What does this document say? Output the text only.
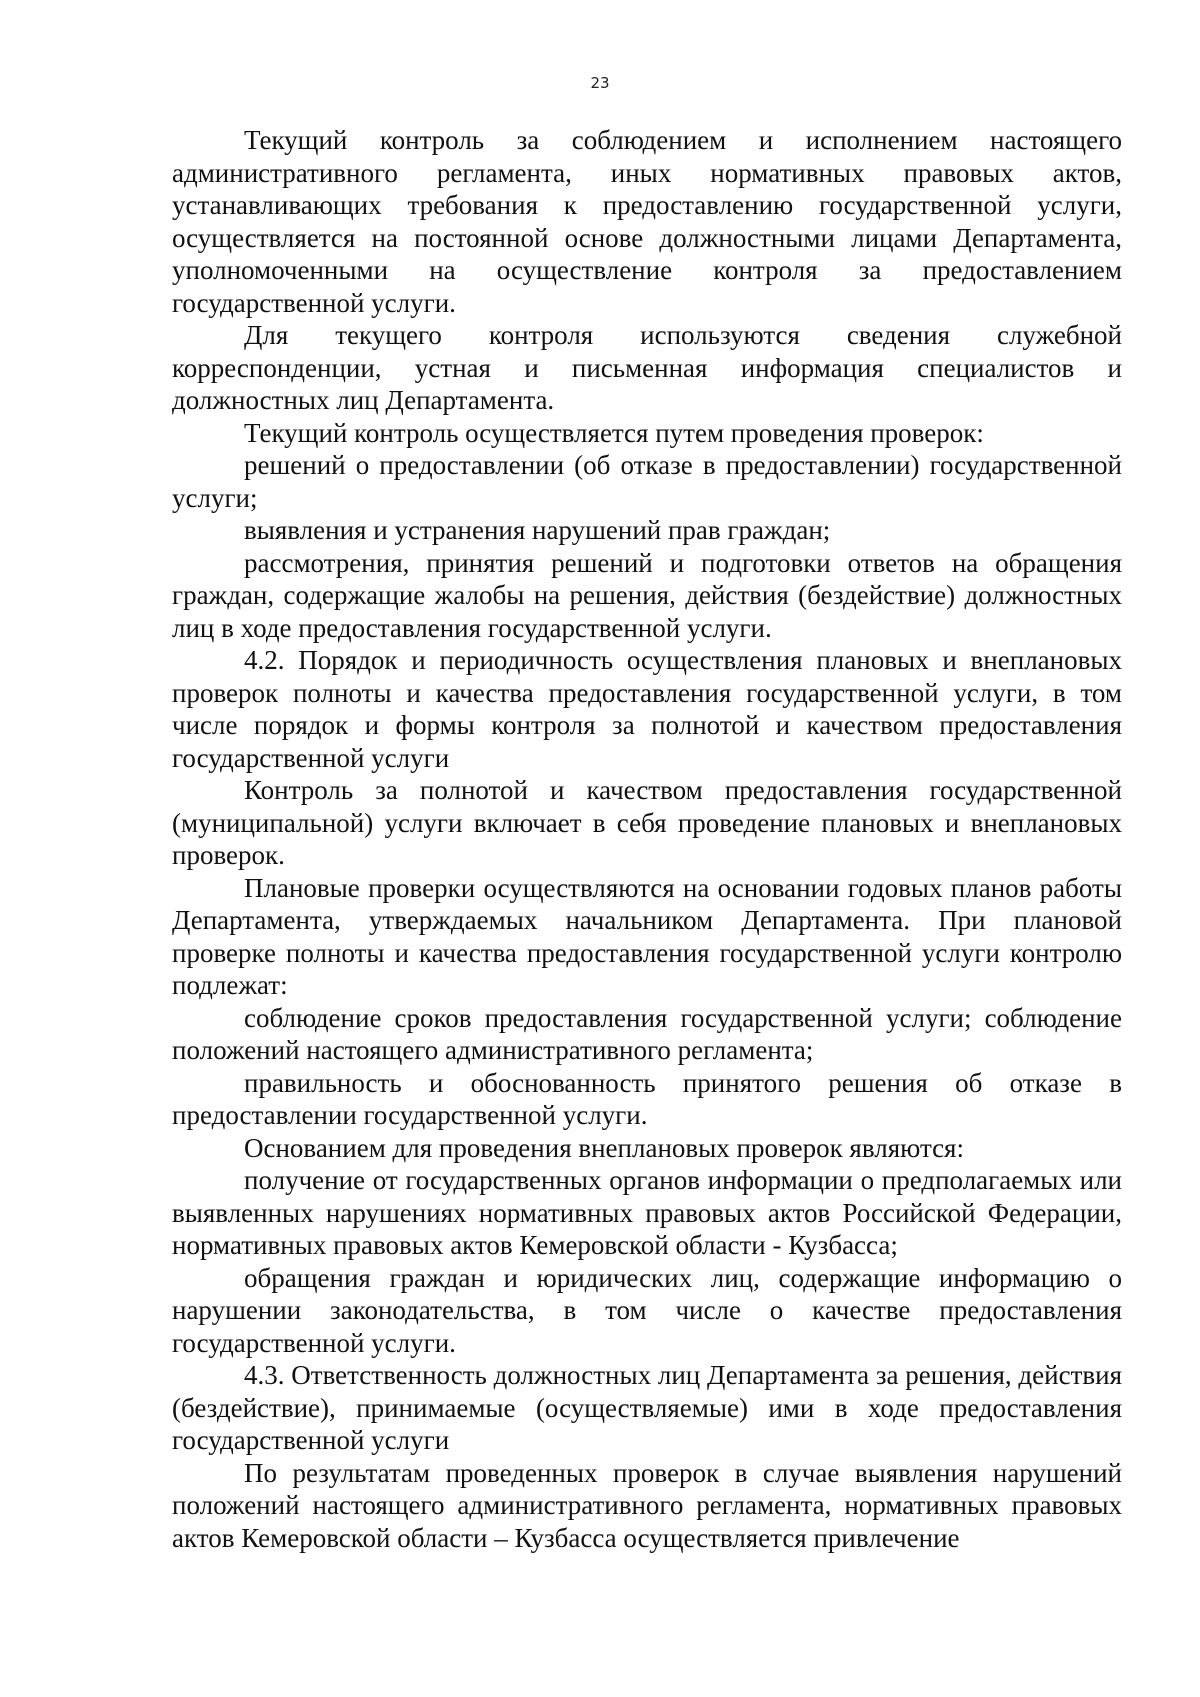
23

Текущий контроль за соблюдением и исполнением настоящего административного регламента, иных нормативных правовых актов, устанавливающих требования к предоставлению государственной услуги, осуществляется на постоянной основе должностными лицами Департамента, уполномоченными на осуществление контроля за предоставлением государственной услуги.

Для текущего контроля используются сведения служебной корреспонденции, устная и письменная информация специалистов и должностных лиц Департамента.

Текущий контроль осуществляется путем проведения проверок:

решений о предоставлении (об отказе в предоставлении) государственной услуги;

выявления и устранения нарушений прав граждан;

рассмотрения, принятия решений и подготовки ответов на обращения граждан, содержащие жалобы на решения, действия (бездействие) должностных лиц в ходе предоставления государственной услуги.

4.2. Порядок и периодичность осуществления плановых и внеплановых проверок полноты и качества предоставления государственной услуги, в том числе порядок и формы контроля за полнотой и качеством предоставления государственной услуги

Контроль за полнотой и качеством предоставления государственной (муниципальной) услуги включает в себя проведение плановых и внеплановых проверок.

Плановые проверки осуществляются на основании годовых планов работы Департамента, утверждаемых начальником Департамента. При плановой проверке полноты и качества предоставления государственной услуги контролю подлежат:

соблюдение сроков предоставления государственной услуги; соблюдение положений настоящего административного регламента;

правильность и обоснованность принятого решения об отказе в предоставлении государственной услуги.

Основанием для проведения внеплановых проверок являются:

получение от государственных органов информации о предполагаемых или выявленных нарушениях нормативных правовых актов Российской Федерации, нормативных правовых актов Кемеровской области - Кузбасса;

обращения граждан и юридических лиц, содержащие информацию о нарушении законодательства, в том числе о качестве предоставления государственной услуги.

4.3. Ответственность должностных лиц Департамента за решения, действия (бездействие), принимаемые (осуществляемые) ими в ходе предоставления государственной услуги

По результатам проведенных проверок в случае выявления нарушений положений настоящего административного регламента, нормативных правовых актов Кемеровской области – Кузбасса осуществляется привлечение
